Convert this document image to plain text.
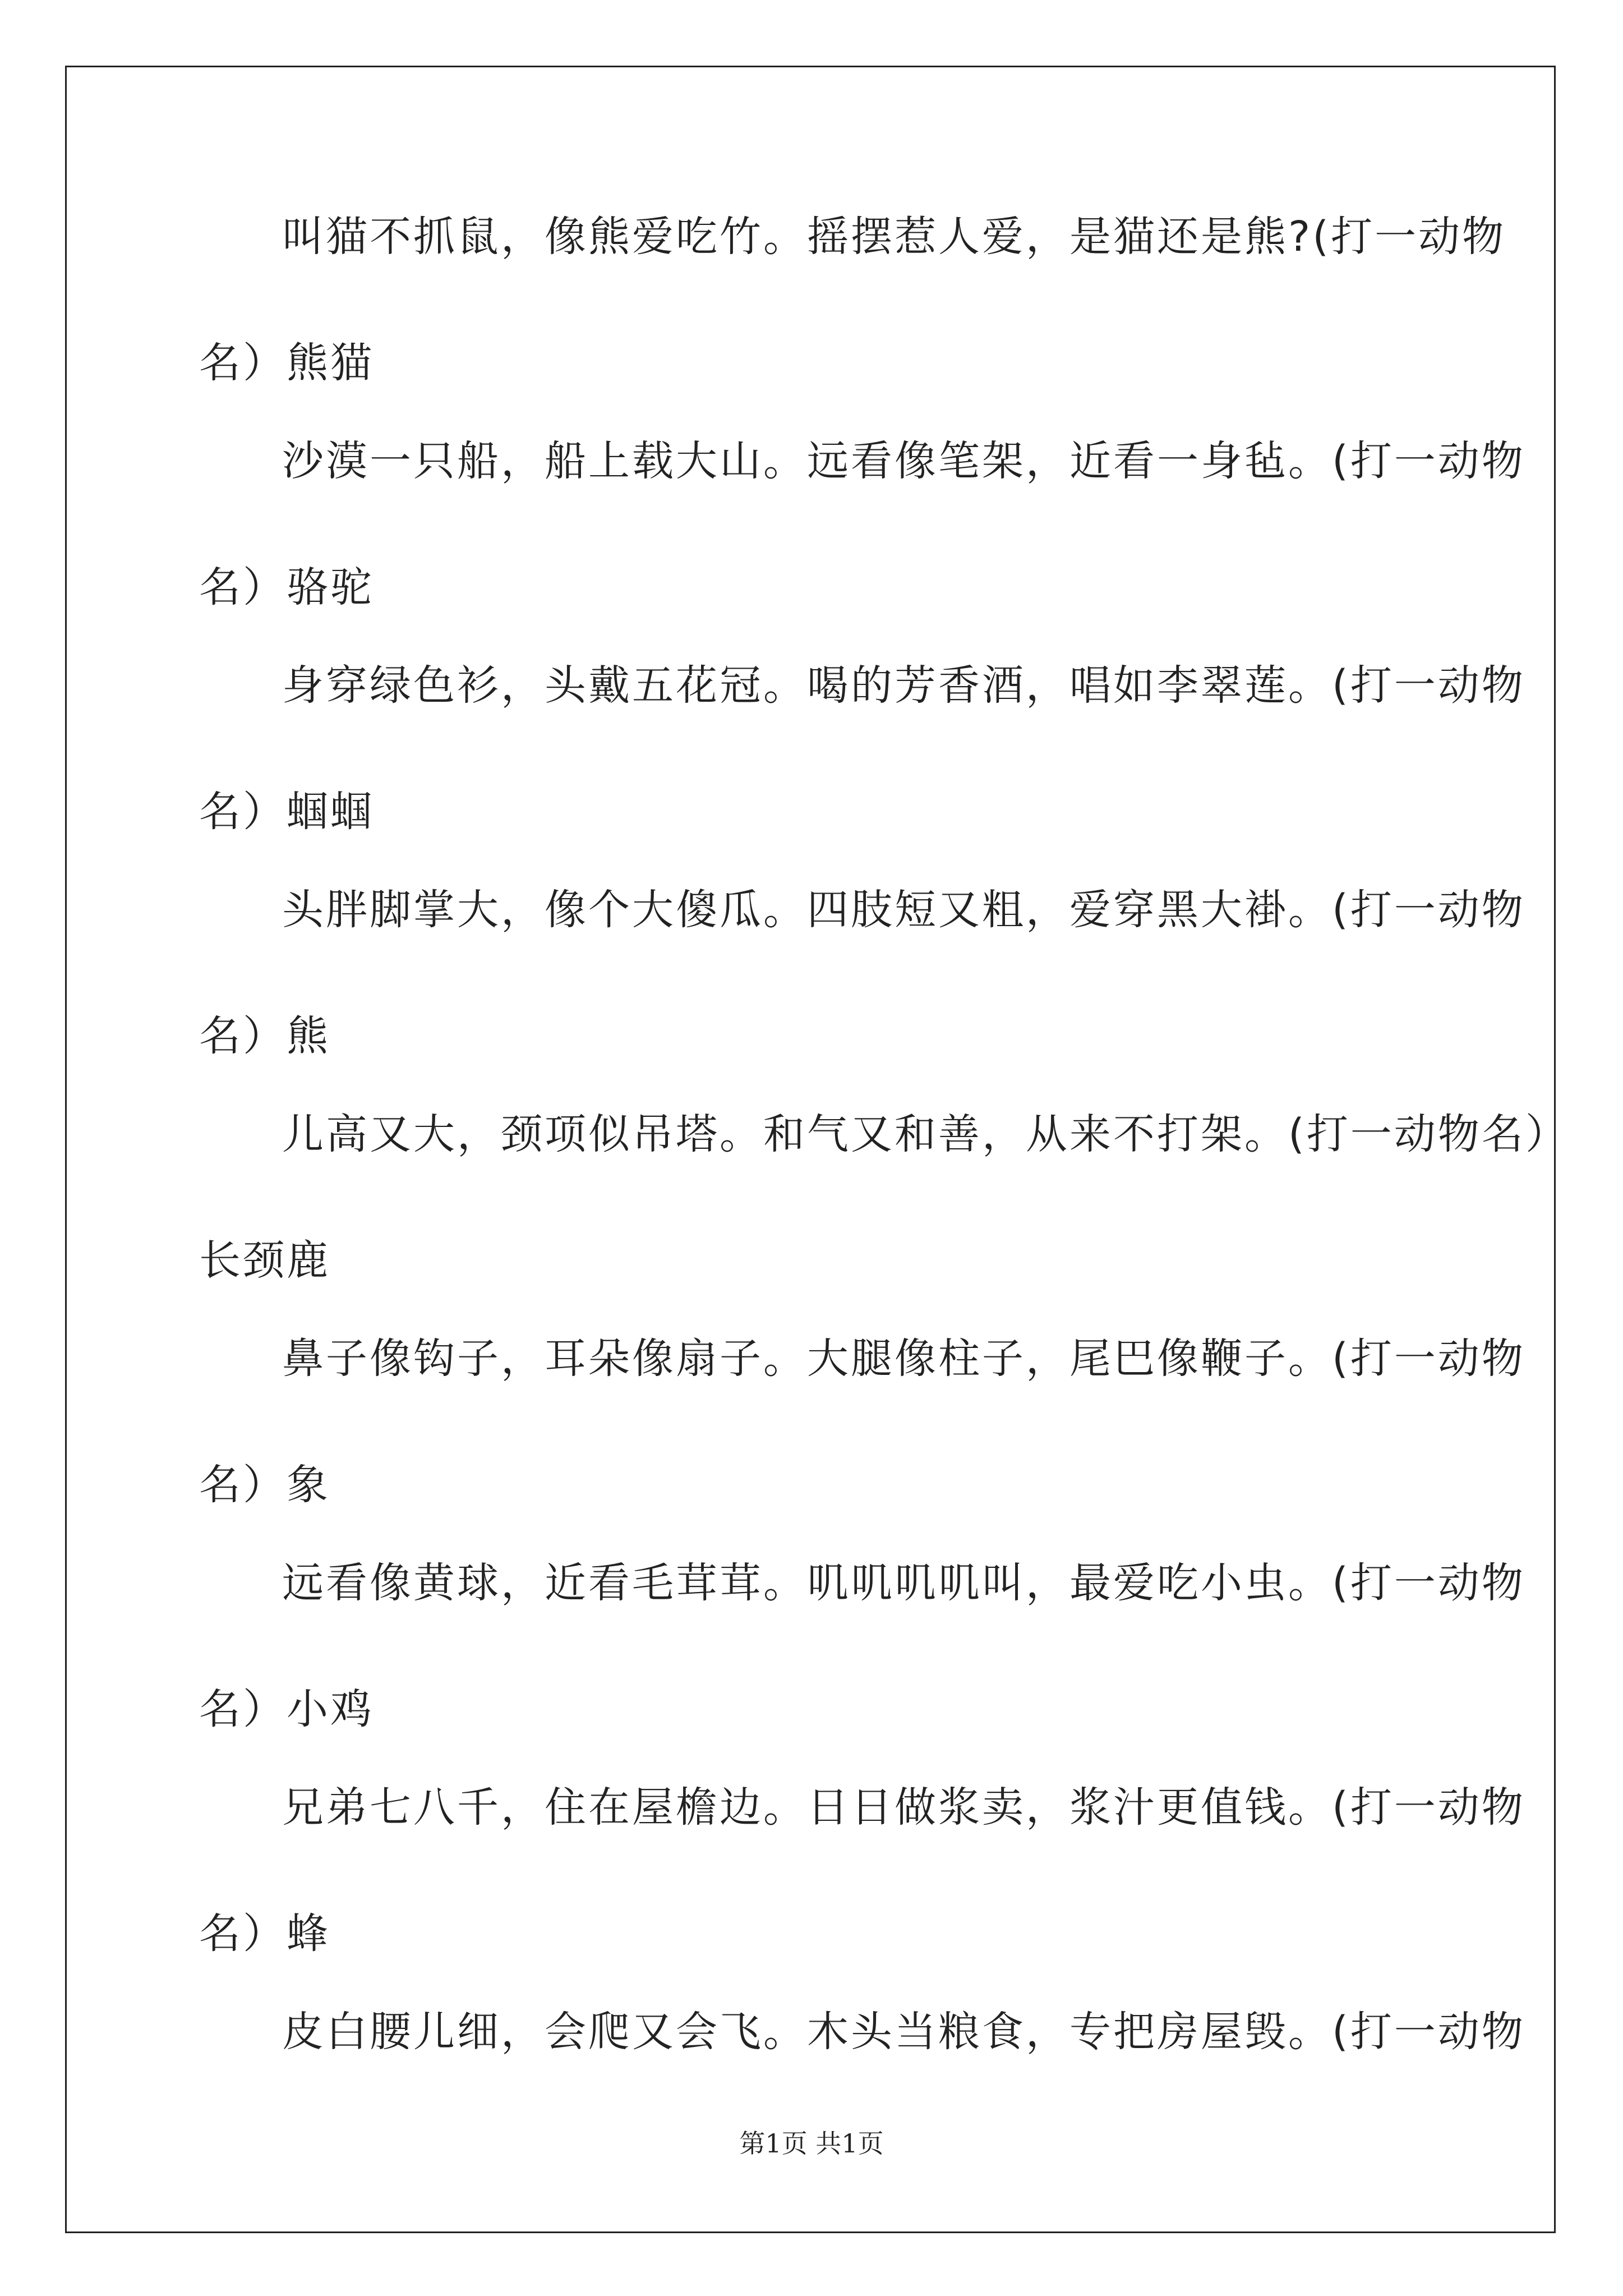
叫猫不抓鼠，像熊爱吃竹。摇摆惹人爱，是猫还是熊?(打一动物
名）熊猫
沙漠一只船，船上载大山。远看像笔架，近看一身毡。(打一动物
名）骆驼
身穿绿色衫，头戴五花冠。喝的芳香酒，唱如李翠莲。(打一动物
名）蝈蝈
头胖脚掌大，像个大傻瓜。四肢短又粗，爱穿黑大褂。(打一动物
名）熊
儿高又大，颈项似吊塔。和气又和善，从来不打架。(打一动物名）
长颈鹿
鼻子像钩子，耳朵像扇子。大腿像柱子，尾巴像鞭子。(打一动物
名）象
远看像黄球，近看毛茸茸。叽叽叽叽叫，最爱吃小虫。(打一动物
名）小鸡
兄弟七八千，住在屋檐边。日日做浆卖，浆汁更值钱。(打一动物
名）蜂
皮白腰儿细，会爬又会飞。木头当粮食，专把房屋毁。(打一动物
第1页 共1页
